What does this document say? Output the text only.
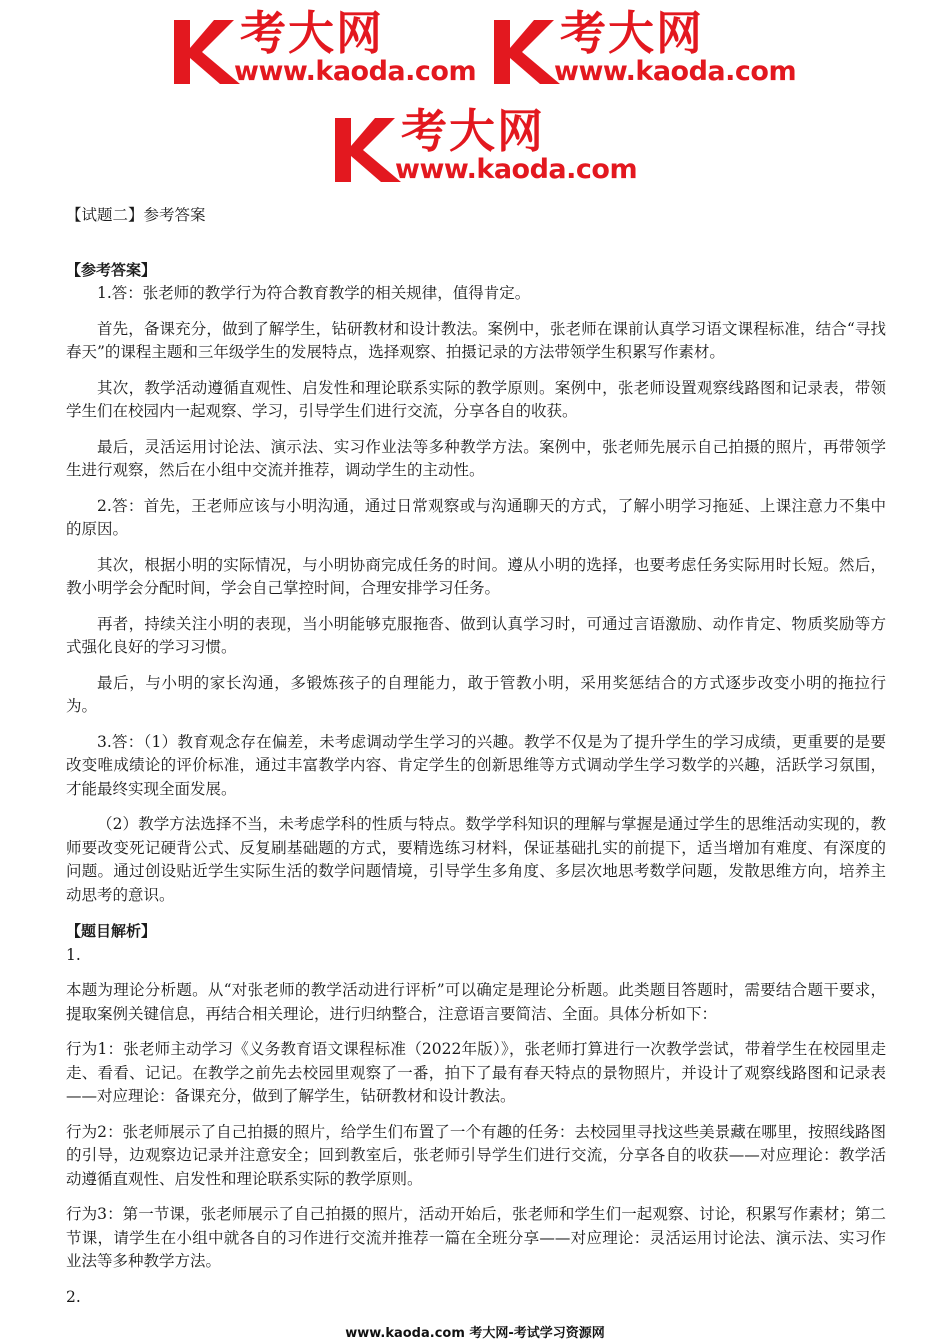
考大网
www.kaoda.com
考大网
www.kaoda.com
考大网
www.kaoda.com

【试题二】参考答案

【参考答案】

1.答：张老师的教学行为符合教育教学的相关规律，值得肯定。

首先，备课充分，做到了解学生，钻研教材和设计教法。案例中，张老师在课前认真学习语文课程标准，结合“寻找春天”的课程主题和三年级学生的发展特点，选择观察、拍摄记录的方法带领学生积累写作素材。

其次，教学活动遵循直观性、启发性和理论联系实际的教学原则。案例中，张老师设置观察线路图和记录表，带领学生们在校园内一起观察、学习，引导学生们进行交流，分享各自的收获。

最后，灵活运用讨论法、演示法、实习作业法等多种教学方法。案例中，张老师先展示自己拍摄的照片，再带领学生进行观察，然后在小组中交流并推荐，调动学生的主动性。

2.答：首先，王老师应该与小明沟通，通过日常观察或与沟通聊天的方式，了解小明学习拖延、上课注意力不集中的原因。

其次，根据小明的实际情况，与小明协商完成任务的时间。遵从小明的选择，也要考虑任务实际用时长短。然后，教小明学会分配时间，学会自己掌控时间，合理安排学习任务。

再者，持续关注小明的表现，当小明能够克服拖沓、做到认真学习时，可通过言语激励、动作肯定、物质奖励等方式强化良好的学习习惯。

最后，与小明的家长沟通，多锻炼孩子的自理能力，敢于管教小明，采用奖惩结合的方式逐步改变小明的拖拉行为。

3.答：（1）教育观念存在偏差，未考虑调动学生学习的兴趣。教学不仅是为了提升学生的学习成绩，更重要的是要改变唯成绩论的评价标准，通过丰富教学内容、肯定学生的创新思维等方式调动学生学习数学的兴趣，活跃学习氛围，才能最终实现全面发展。

（2）教学方法选择不当，未考虑学科的性质与特点。数学学科知识的理解与掌握是通过学生的思维活动实现的，教师要改变死记硬背公式、反复刷基础题的方式，要精选练习材料，保证基础扎实的前提下，适当增加有难度、有深度的问题。通过创设贴近学生实际生活的数学问题情境，引导学生多角度、多层次地思考数学问题，发散思维方向，培养主动思考的意识。

【题目解析】

1.

本题为理论分析题。从“对张老师的教学活动进行评析”可以确定是理论分析题。此类题目答题时，需要结合题干要求，提取案例关键信息，再结合相关理论，进行归纳整合，注意语言要简洁、全面。具体分析如下：

行为1：张老师主动学习《义务教育语文课程标准（2022年版）》，张老师打算进行一次教学尝试，带着学生在校园里走走、看看、记记。在教学之前先去校园里观察了一番，拍下了最有春天特点的景物照片，并设计了观察线路图和记录表——对应理论：备课充分，做到了解学生，钻研教材和设计教法。

行为2：张老师展示了自己拍摄的照片，给学生们布置了一个有趣的任务：去校园里寻找这些美景藏在哪里，按照线路图的引导，边观察边记录并注意安全；回到教室后，张老师引导学生们进行交流，分享各自的收获——对应理论：教学活动遵循直观性、启发性和理论联系实际的教学原则。

行为3：第一节课，张老师展示了自己拍摄的照片，活动开始后，张老师和学生们一起观察、讨论，积累写作素材；第二节课，请学生在小组中就各自的习作进行交流并推荐一篇在全班分享——对应理论：灵活运用讨论法、演示法、实习作业法等多种教学方法。

2.

www.kaoda.com 考大网-考试学习资源网
